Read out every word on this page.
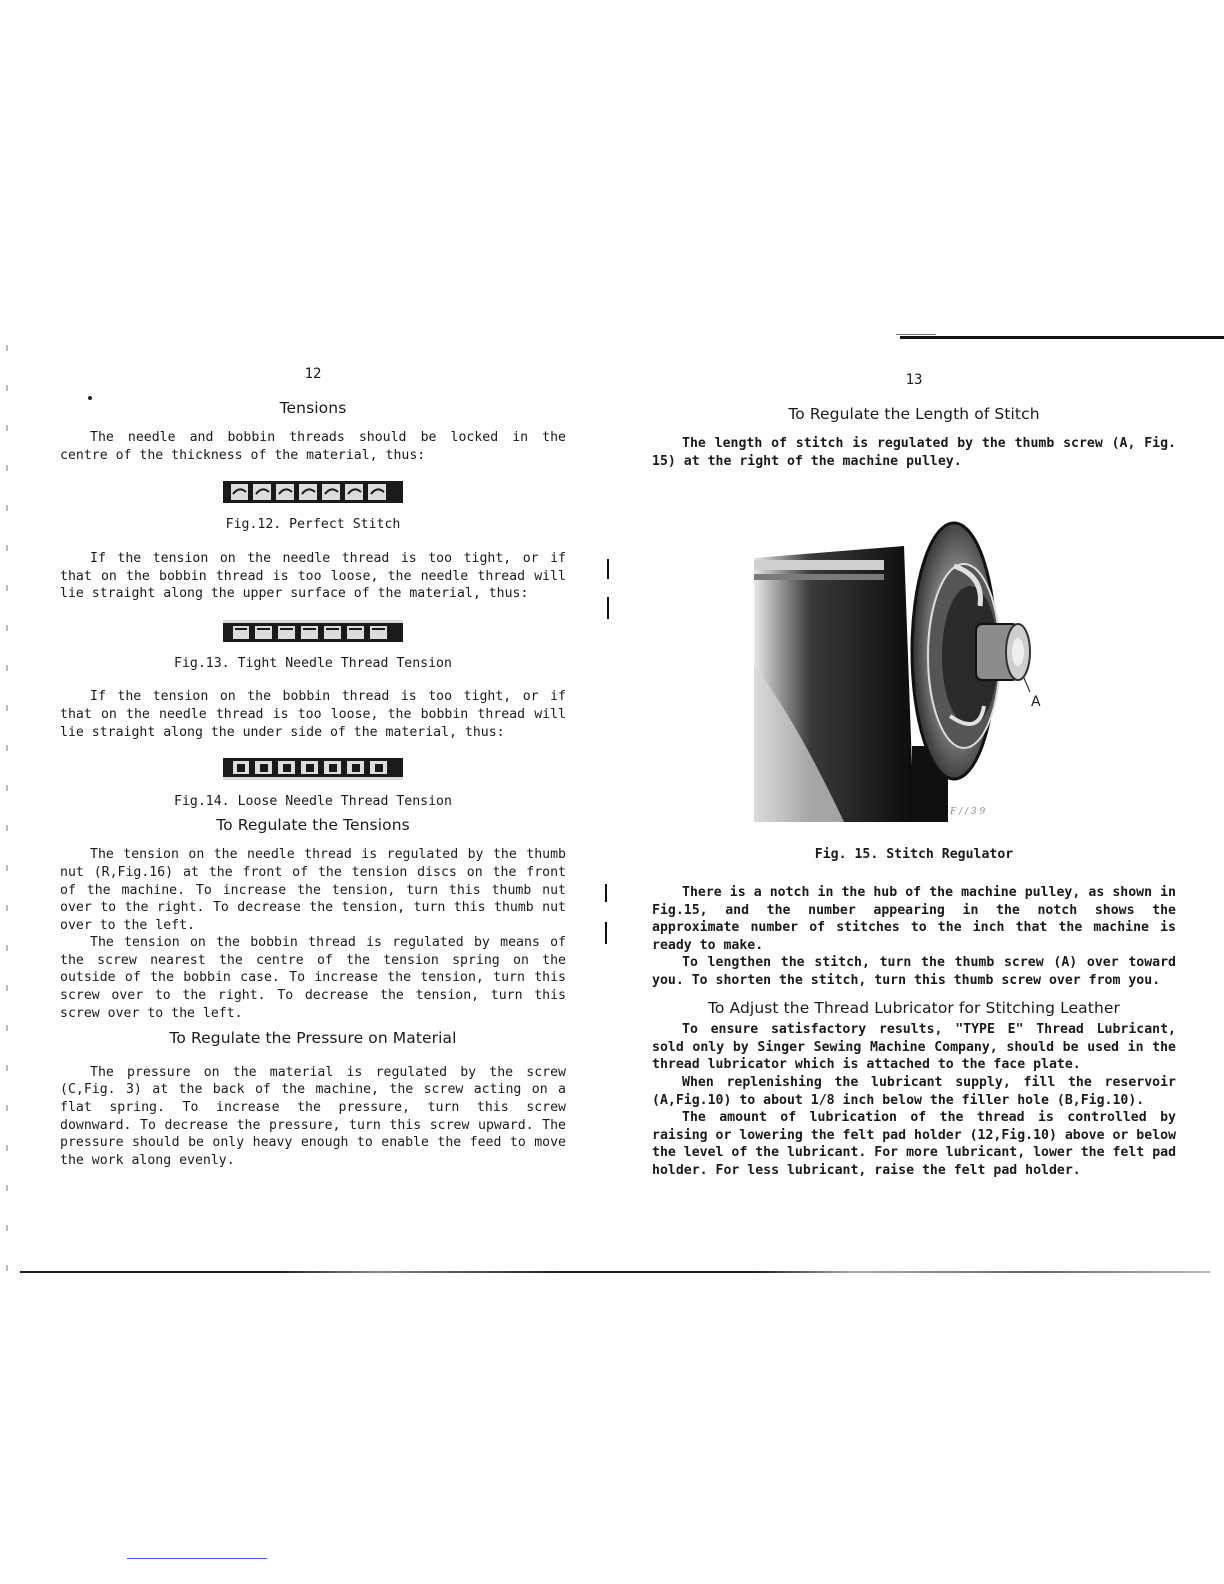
12
Tensions

The needle and bobbin threads should be locked in the centre of the thickness of the material, thus:

Fig.12. Perfect Stitch

If the tension on the needle thread is too tight, or if that on the bobbin thread is too loose, the needle thread will lie straight along the upper surface of the material, thus:

Fig.13. Tight Needle Thread Tension

If the tension on the bobbin thread is too tight, or if that on the needle thread is too loose, the bobbin thread will lie straight along the under side of the material, thus:

Fig.14. Loose Needle Thread Tension
To Regulate the Tensions

The tension on the needle thread is regulated by the thumb nut (R,Fig.16) at the front of the tension discs on the front of the machine. To increase the tension, turn this thumb nut over to the right. To decrease the tension, turn this thumb nut over to the left.

The tension on the bobbin thread is regulated by means of the screw nearest the centre of the tension spring on the outside of the bobbin case. To increase the tension, turn this screw over to the right. To decrease the tension, turn this screw over to the left.

To Regulate the Pressure on Material

The pressure on the material is regulated by the screw (C,Fig. 3) at the back of the machine, the screw acting on a flat spring. To increase the pressure, turn this screw downward. To decrease the pressure, turn this screw upward. The pressure should be only heavy enough to enable the feed to move the work along evenly.

13
To Regulate the Length of Stitch

The length of stitch is regulated by the thumb screw (A, Fig. 15) at the right of the machine pulley.

F / / 3 9
A
Fig. 15. Stitch Regulator

There is a notch in the hub of the machine pulley, as shown in Fig.15, and the number appearing in the notch shows the approximate number of stitches to the inch that the machine is ready to make.

To lengthen the stitch, turn the thumb screw (A) over toward you. To shorten the stitch, turn this thumb screw over from you.

To Adjust the Thread Lubricator for Stitching Leather

To ensure satisfactory results, "TYPE E" Thread Lubricant, sold only by Singer Sewing Machine Company, should be used in the thread lubricator which is attached to the face plate.

When replenishing the lubricant supply, fill the reservoir (A,Fig.10) to about 1/8 inch below the filler hole (B,Fig.10).

The amount of lubrication of the thread is controlled by raising or lowering the felt pad holder (12,Fig.10) above or below the level of the lubricant. For more lubricant, lower the felt pad holder. For less lubricant, raise the felt pad holder.
